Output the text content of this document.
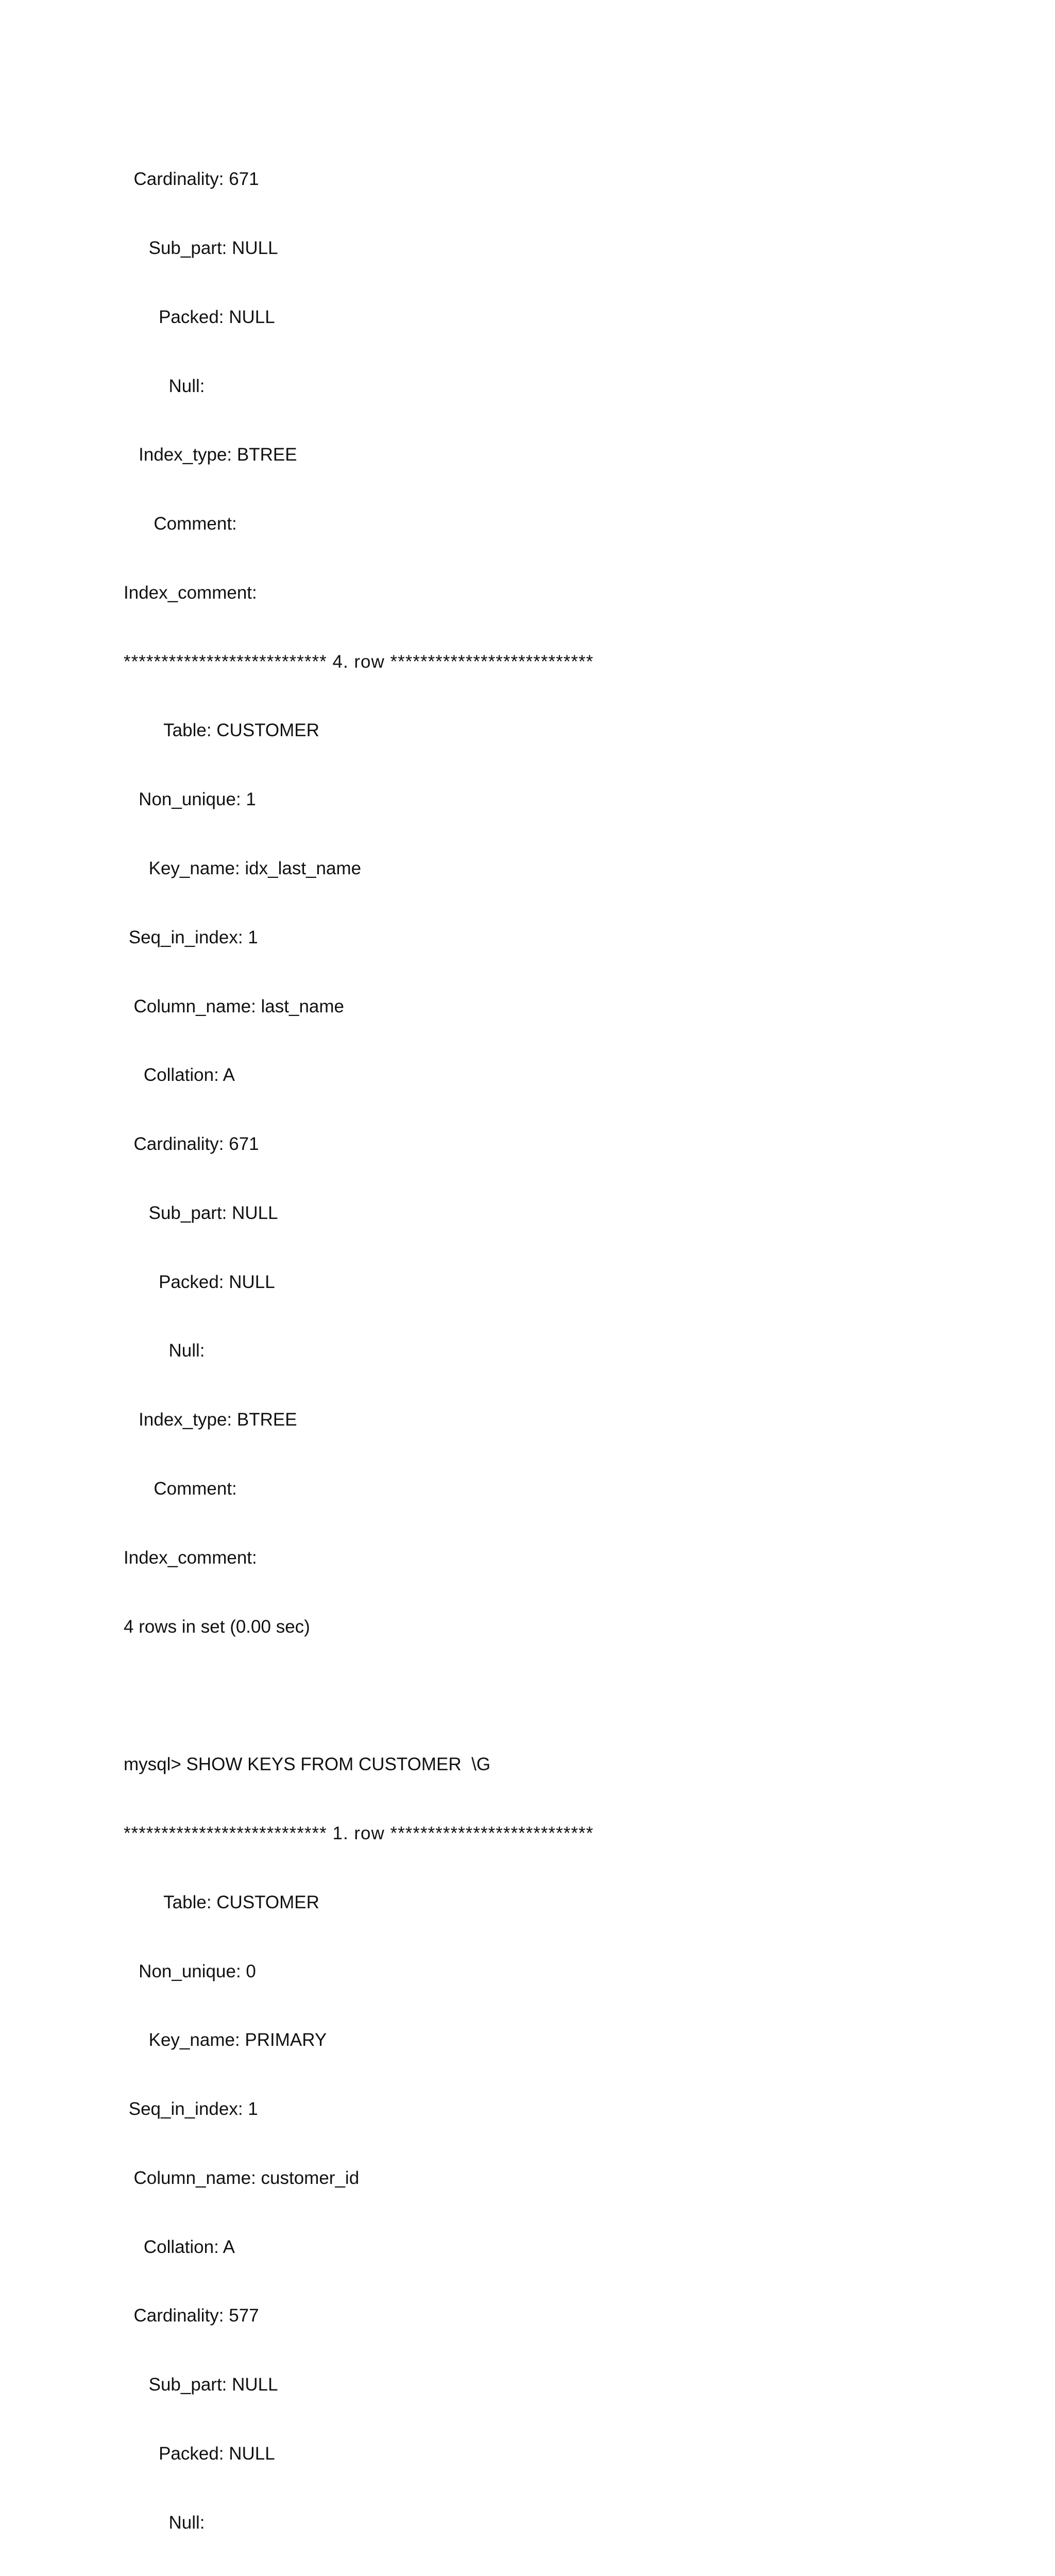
Cardinality: 671

Sub_part: NULL

Packed: NULL

Null:

Index_type: BTREE

Comment:

Index_comment:

*************************** 4. row ***************************

Table: CUSTOMER

Non_unique: 1

Key_name: idx_last_name

Seq_in_index: 1

Column_name: last_name

Collation: A

Cardinality: 671

Sub_part: NULL

Packed: NULL

Null:

Index_type: BTREE

Comment:

Index_comment:

4 rows in set (0.00 sec)

mysql> SHOW KEYS FROM CUSTOMER  \G

*************************** 1. row ***************************

Table: CUSTOMER

Non_unique: 0

Key_name: PRIMARY

Seq_in_index: 1

Column_name: customer_id

Collation: A

Cardinality: 577

Sub_part: NULL

Packed: NULL

Null:
